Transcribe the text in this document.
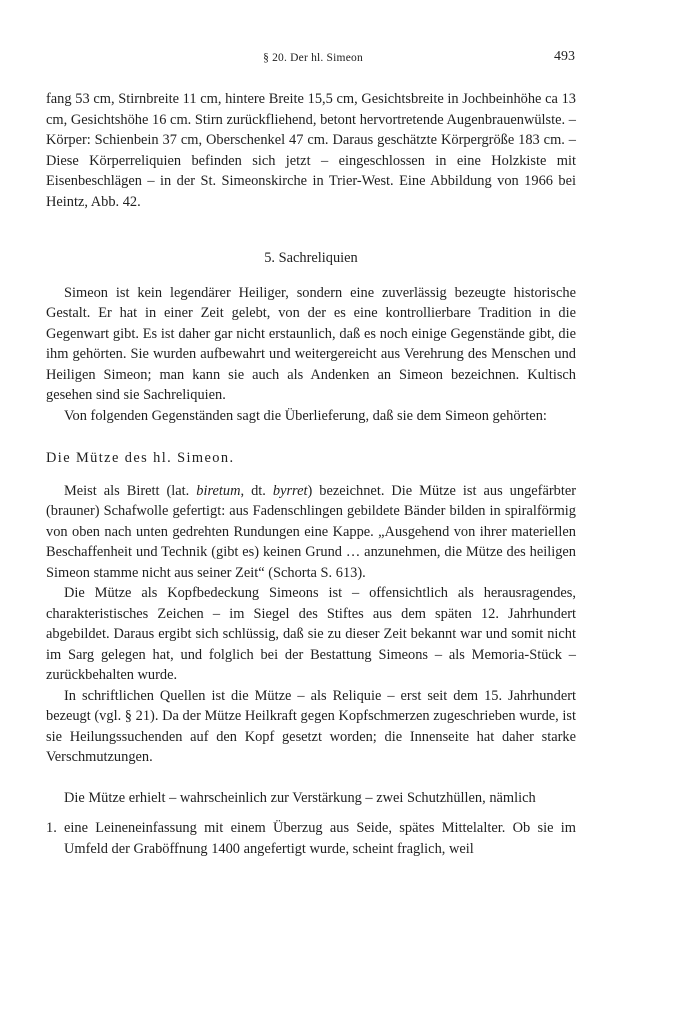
§ 20. Der hl. Simeon	493

fang 53 cm, Stirnbreite 11 cm, hintere Breite 15,5 cm, Gesichtsbreite in Jochbeinhöhe ca 13 cm, Gesichtshöhe 16 cm. Stirn zurückfliehend, betont hervortretende Augenbrauenwülste. – Körper: Schienbein 37 cm, Oberschenkel 47 cm. Daraus geschätzte Körpergröße 183 cm. – Diese Körperreliquien befinden sich jetzt – eingeschlossen in eine Holzkiste mit Eisenbeschlägen – in der St. Simeonskirche in Trier-West. Eine Abbildung von 1966 bei Heintz, Abb. 42.

5. Sachreliquien

Simeon ist kein legendärer Heiliger, sondern eine zuverlässig bezeugte historische Gestalt. Er hat in einer Zeit gelebt, von der es eine kontrollierbare Tradition in die Gegenwart gibt. Es ist daher gar nicht erstaunlich, daß es noch einige Gegenstände gibt, die ihm gehörten. Sie wurden aufbewahrt und weitergereicht aus Verehrung des Menschen und Heiligen Simeon; man kann sie auch als Andenken an Simeon bezeichnen. Kultisch gesehen sind sie Sachreliquien.

Von folgenden Gegenständen sagt die Überlieferung, daß sie dem Simeon gehörten:

Die Mütze des hl. Simeon.

Meist als Birett (lat. biretum, dt. byrret) bezeichnet. Die Mütze ist aus ungefärbter (brauner) Schafwolle gefertigt: aus Fadenschlingen gebildete Bänder bilden in spiralförmig von oben nach unten gedrehten Rundungen eine Kappe. „Ausgehend von ihrer materiellen Beschaffenheit und Technik (gibt es) keinen Grund … anzunehmen, die Mütze des heiligen Simeon stamme nicht aus seiner Zeit“ (Schorta S. 613).

Die Mütze als Kopfbedeckung Simeons ist – offensichtlich als herausragendes, charakteristisches Zeichen – im Siegel des Stiftes aus dem späten 12. Jahrhundert abgebildet. Daraus ergibt sich schlüssig, daß sie zu dieser Zeit bekannt war und somit nicht im Sarg gelegen hat, und folglich bei der Bestattung Simeons – als Memoria-Stück – zurückbehalten wurde.

In schriftlichen Quellen ist die Mütze – als Reliquie – erst seit dem 15. Jahrhundert bezeugt (vgl. § 21). Da der Mütze Heilkraft gegen Kopfschmerzen zugeschrieben wurde, ist sie Heilungssuchenden auf den Kopf gesetzt worden; die Innenseite hat daher starke Verschmutzungen.

Die Mütze erhielt – wahrscheinlich zur Verstärkung – zwei Schutzhüllen, nämlich

1. eine Leineneinfassung mit einem Überzug aus Seide, spätes Mittelalter. Ob sie im Umfeld der Graböffnung 1400 angefertigt wurde, scheint fraglich, weil
